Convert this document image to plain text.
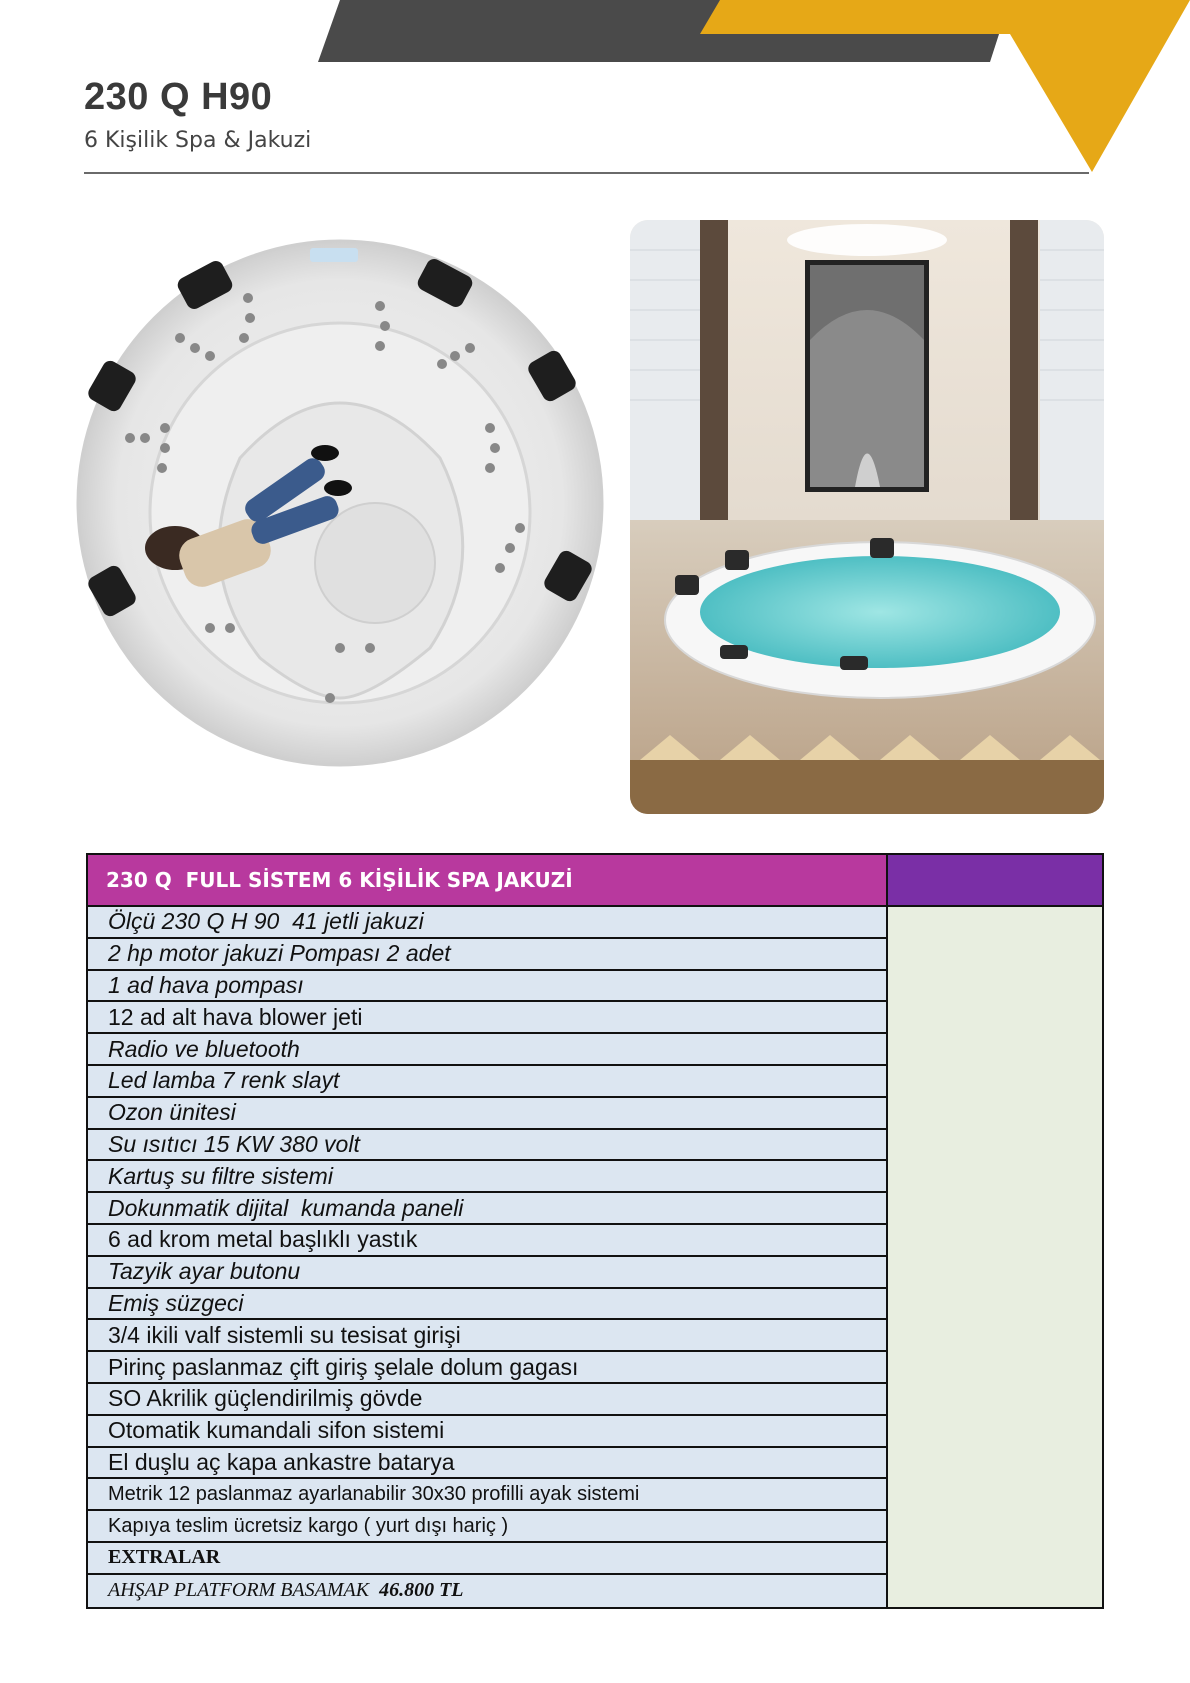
230 Q H90
6 Kişilik Spa & Jakuzi
230 Q  FULL SİSTEM 6 KİŞİLİK SPA JAKUZİ
Ölçü 230 Q H 90  41 jetli jakuzi
2 hp motor jakuzi Pompası 2 adet
1 ad hava pompası
12 ad alt hava blower jeti
Radio ve bluetooth
Led lamba 7 renk slayt
Ozon ünitesi
Su ısıtıcı 15 KW 380 volt
Kartuş su filtre sistemi
Dokunmatik dijital  kumanda paneli
6 ad krom metal başlıklı yastık
Tazyik ayar butonu
Emiş süzgeci
3/4 ikili valf sistemli su tesisat girişi
Pirinç paslanmaz çift giriş şelale dolum gagası
SO Akrilik güçlendirilmiş gövde
Otomatik kumandali sifon sistemi
El duşlu aç kapa ankastre batarya
Metrik 12 paslanmaz ayarlanabilir 30x30 profilli ayak sistemi
Kapıya teslim ücretsiz kargo ( yurt dışı hariç )
EXTRALAR
AHŞAP PLATFORM BASAMAK 46.800 TL
